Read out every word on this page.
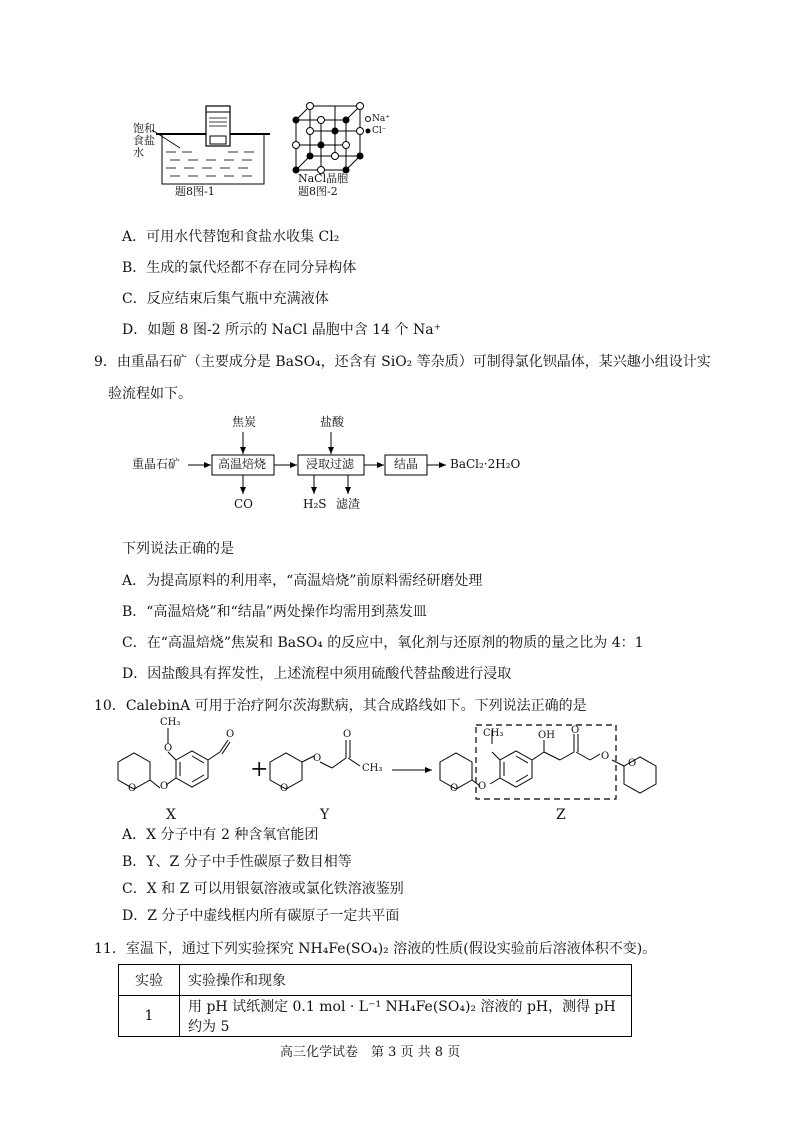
饱和
食盐水
题8图-1
Na⁺
Cl⁻
NaCl晶胞
题8图-2
A．可用水代替饱和食盐水收集 Cl₂
B．生成的氯代烃都不存在同分异构体
C．反应结束后集气瓶中充满液体
D．如题 8 图-2 所示的 NaCl 晶胞中含 14 个 Na⁺
9．由重晶石矿（主要成分是 BaSO₄，还含有 SiO₂ 等杂质）可制得氯化钡晶体，某兴趣小组设计实
验流程如下。
重晶石矿	高温焙烧	浸取过滤	结晶	BaCl₂·2H₂O
焦炭	盐酸
CO	H₂S 滤渣
下列说法正确的是
A．为提高原料的利用率，“高温焙烧”前原料需经研磨处理
B．“高温焙烧”和“结晶”两处操作均需用到蒸发皿
C．在“高温焙烧”焦炭和 BaSO₄ 的反应中，氧化剂与还原剂的物质的量之比为 4：1
D．因盐酸具有挥发性，上述流程中须用硫酸代替盐酸进行浸取
10．CalebinA 可用于治疗阿尔茨海默病，其合成路线如下。下列说法正确的是
CH₃
O
O
O
O
+
O
O
O
CH₃
CH₃	OH O
O
O
O
O
X	Y	Z
A．X 分子中有 2 种含氧官能团
B．Y、Z 分子中手性碳原子数目相等
C．X 和 Z 可以用银氨溶液或氯化铁溶液鉴别
D．Z 分子中虚线框内所有碳原子一定共平面
11．室温下，通过下列实验探究 NH₄Fe(SO₄)₂ 溶液的性质(假设实验前后溶液体积不变)。
实验	实验操作和现象
1	用 pH 试纸测定 0.1 mol · L⁻¹ NH₄Fe(SO₄)₂ 溶液的 pH，测得 pH 约为 5
高三化学试卷　第 3 页 共 8 页
